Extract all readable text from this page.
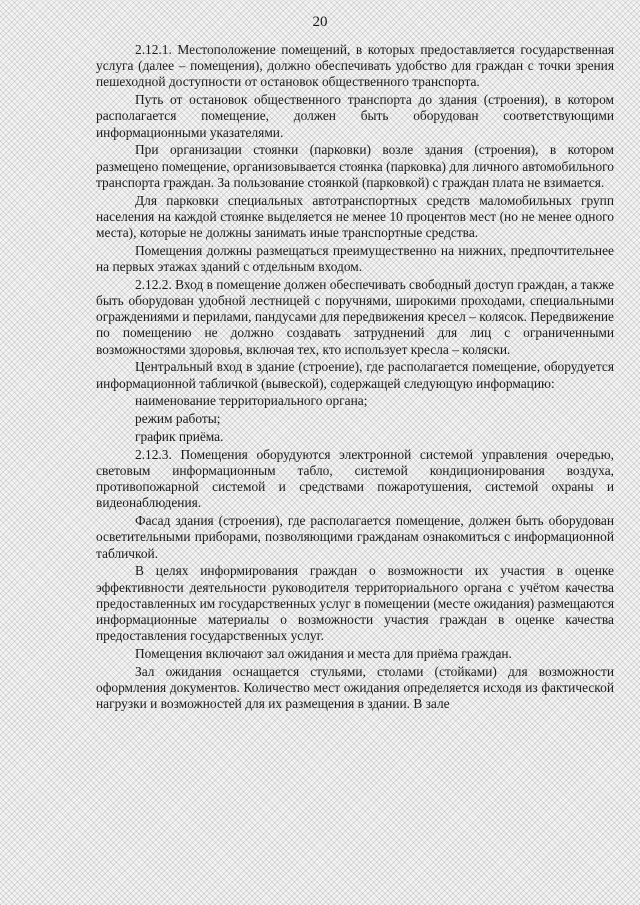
20

2.12.1. Местоположение помещений, в которых предоставляется государственная услуга (далее – помещения), должно обеспечивать удобство для граждан с точки зрения пешеходной доступности от остановок общественного транспорта.

Путь от остановок общественного транспорта до здания (строения), в котором располагается помещение, должен быть оборудован соответствующими информационными указателями.

При организации стоянки (парковки) возле здания (строения), в котором размещено помещение, организовывается стоянка (парковка) для личного автомобильного транспорта граждан. За пользование стоянкой (парковкой) с граждан плата не взимается.

Для парковки специальных автотранспортных средств маломобильных групп населения на каждой стоянке выделяется не менее 10 процентов мест (но не менее одного места), которые не должны занимать иные транспортные средства.

Помещения должны размещаться преимущественно на нижних, предпочтительнее на первых этажах зданий с отдельным входом.

2.12.2. Вход в помещение должен обеспечивать свободный доступ граждан, а также быть оборудован удобной лестницей с поручнями, широкими проходами, специальными ограждениями и перилами, пандусами для передвижения кресел – колясок. Передвижение по помещению не должно создавать затруднений для лиц с ограниченными возможностями здоровья, включая тех, кто использует кресла – коляски.

Центральный вход в здание (строение), где располагается помещение, оборудуется информационной табличкой (вывеской), содержащей следующую информацию:

наименование территориального органа;

режим работы;

график приёма.

2.12.3. Помещения оборудуются электронной системой управления очередью, световым информационным табло, системой кондиционирования воздуха, противопожарной системой и средствами пожаротушения, системой охраны и видеонаблюдения.

Фасад здания (строения), где располагается помещение, должен быть оборудован осветительными приборами, позволяющими гражданам ознакомиться с информационной табличкой.

В целях информирования граждан о возможности их участия в оценке эффективности деятельности руководителя территориального органа с учётом качества предоставленных им государственных услуг в помещении (месте ожидания) размещаются информационные материалы о возможности участия граждан в оценке качества предоставления государственных услуг.

Помещения включают зал ожидания и места для приёма граждан.

Зал ожидания оснащается стульями, столами (стойками) для возможности оформления документов. Количество мест ожидания определяется исходя из фактической нагрузки и возможностей для их размещения в здании. В зале
